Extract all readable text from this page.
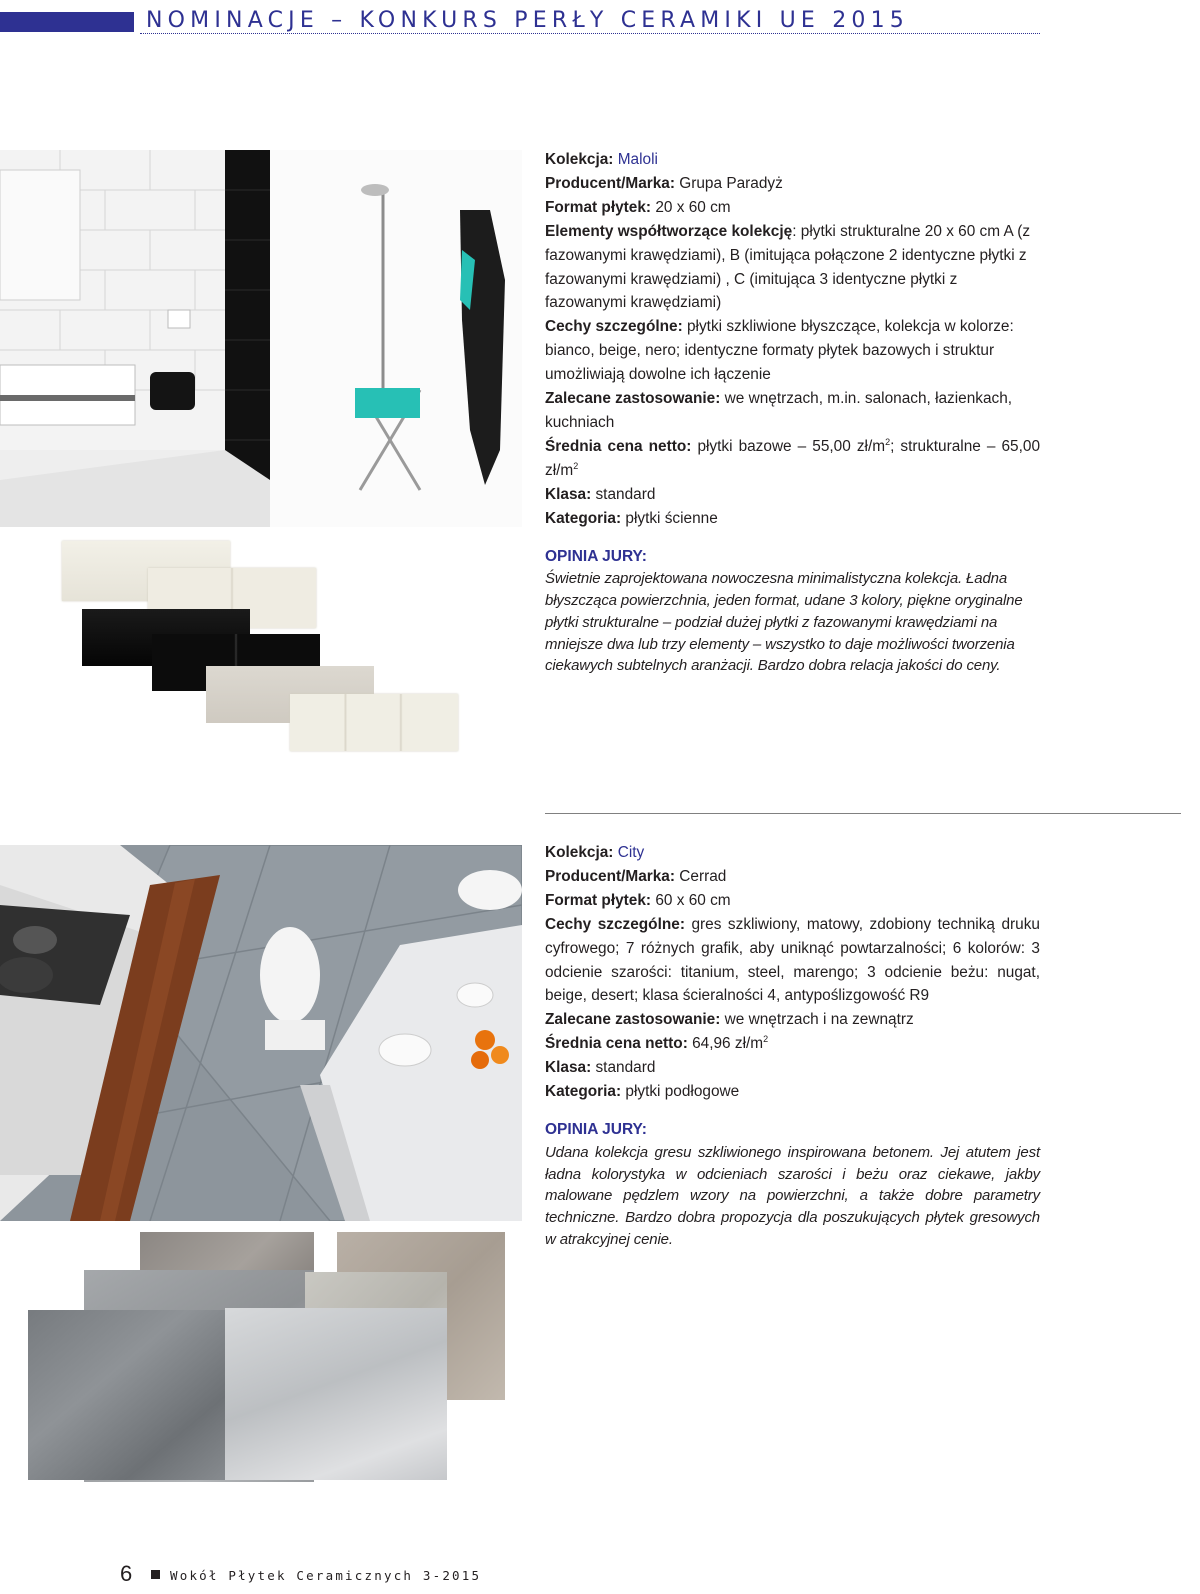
NOMINACJE – KONKURS PERŁY CERAMIKI UE 2015

Kolekcja: Maloli

Producent/Marka: Grupa Paradyż

Format płytek: 20 x 60 cm

Elementy współtworzące kolekcję: płytki strukturalne 20 x 60 cm A (z fazowanymi krawędziami), B (imitująca połączone 2 identyczne płytki z fazowanymi krawędziami) , C (imitująca 3 identyczne płytki z fazowanymi krawędziami)

Cechy szczególne: płytki szkliwione błyszczące, kolekcja w kolorze: bianco, beige, nero; identyczne formaty płytek bazowych i struktur umożliwiają dowolne ich łączenie

Zalecane zastosowanie: we wnętrzach, m.in. salonach, łazienkach, kuchniach

Średnia cena netto: płytki bazowe – 55,00 $zł/m^2$; strukturalne – 65,00 $zł/m^2$

Klasa: standard

Kategoria: płytki ścienne

OPINIA JURY:

Świetnie zaprojektowana nowoczesna minimalistyczna kolekcja. Ładna błyszcząca powierzchnia, jeden format, udane 3 kolory, piękne oryginalne płytki strukturalne – podział dużej płytki z fazowanymi krawędziami na mniejsze dwa lub trzy elementy – wszystko to daje możliwości tworzenia ciekawych subtelnych aranżacji. Bardzo dobra relacja jakości do ceny.

Kolekcja: City

Producent/Marka: Cerrad

Format płytek: 60 x 60 cm

Cechy szczególne: gres szkliwiony, matowy, zdobiony techniką druku cyfrowego; 7 różnych grafik, aby uniknąć powtarzalności; 6 kolorów: 3 odcienie szarości: titanium, steel, marengo; 3 odcienie beżu: nugat, beige, desert; klasa ścieralności 4, antypoślizgowość R9

Zalecane zastosowanie: we wnętrzach i na zewnątrz

Średnia cena netto: 64,96 $zł/m^2$

Klasa: standard

Kategoria: płytki podłogowe

OPINIA JURY:

Udana kolekcja gresu szkliwionego inspirowana betonem. Jej atutem jest ładna kolorystyka w odcieniach szarości i beżu oraz ciekawe, jakby malowane pędzlem wzory na powierzchni, a także dobre parametry techniczne. Bardzo dobra propozycja dla poszukujących płytek gresowych w atrakcyjnej cenie.

6	Wokół Płytek Ceramicznych 3-2015
